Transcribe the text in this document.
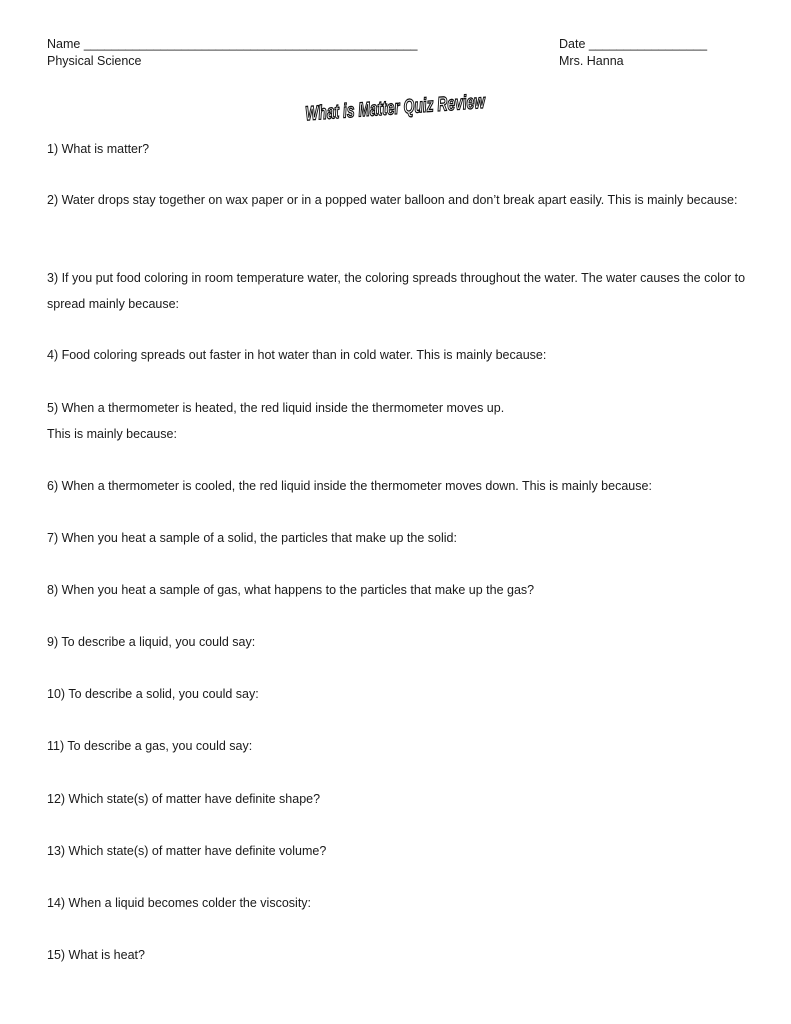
Name ________________________________________________
Physical Science
Date _________________
Mrs. Hanna
What is Matter Quiz Review
1) What is matter?
2) Water drops stay together on wax paper or in a popped water balloon and don’t break apart easily. This is mainly because:
3) If you put food coloring in room temperature water, the coloring spreads throughout the water. The water causes the color to spread mainly because:
4) Food coloring spreads out faster in hot water than in cold water. This is mainly because:
5) When a thermometer is heated, the red liquid inside the thermometer moves up.
This is mainly because:
6) When a thermometer is cooled, the red liquid inside the thermometer moves down. This is mainly because:
7) When you heat a sample of a solid, the particles that make up the solid:
8) When you heat a sample of gas, what happens to the particles that make up the gas?
9) To describe a liquid, you could say:
10) To describe a solid, you could say:
11) To describe a gas, you could say:
12) Which state(s) of matter have definite shape?
13) Which state(s) of matter have definite volume?
14) When a liquid becomes colder the viscosity:
15) What is heat?
